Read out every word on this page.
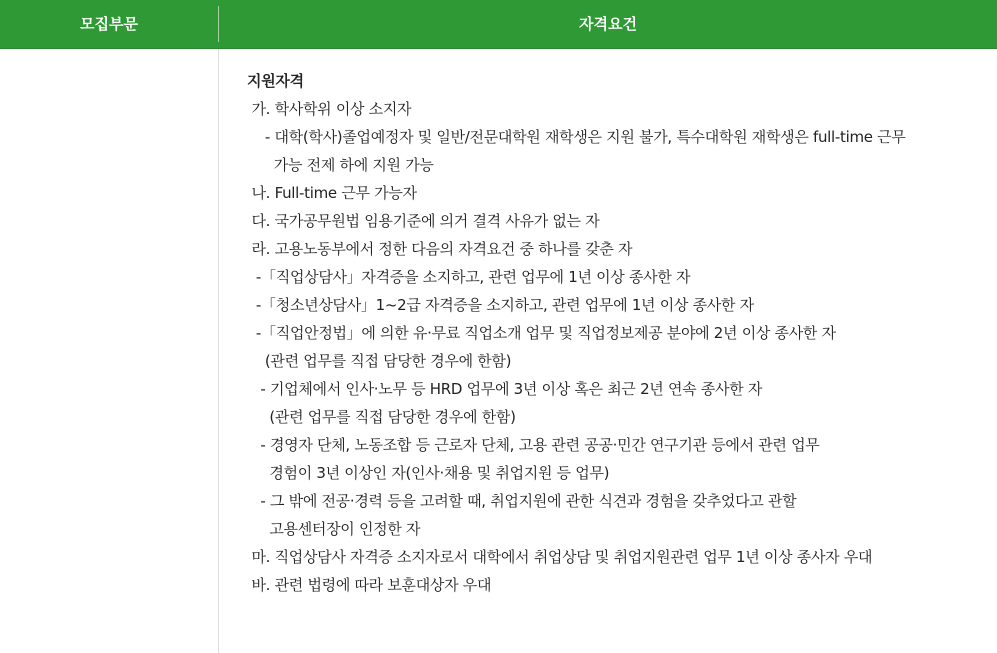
모집부문	자격요건
지원자격
가. 학사학위 이상 소지자
- 대학(학사)졸업예정자 및 일반/전문대학원 재학생은 지원 불가, 특수대학원 재학생은 full-time 근무
가능 전제 하에 지원 가능
나. Full-time 근무 가능자
다. 국가공무원법 임용기준에 의거 결격 사유가 없는 자
라. 고용노동부에서 정한 다음의 자격요건 중 하나를 갖춘 자
-「직업상담사」자격증을 소지하고, 관련 업무에 1년 이상 종사한 자
-「청소년상담사」1~2급 자격증을 소지하고, 관련 업무에 1년 이상 종사한 자
-「직업안정법」에 의한 유·무료 직업소개 업무 및 직업정보제공 분야에 2년 이상 종사한 자
(관련 업무를 직접 담당한 경우에 한함)
- 기업체에서 인사·노무 등 HRD 업무에 3년 이상 혹은 최근 2년 연속 종사한 자
(관련 업무를 직접 담당한 경우에 한함)
- 경영자 단체, 노동조합 등 근로자 단체, 고용 관련 공공·민간 연구기관 등에서 관련 업무
경험이 3년 이상인 자(인사·채용 및 취업지원 등 업무)
- 그 밖에 전공·경력 등을 고려할 때, 취업지원에 관한 식견과 경험을 갖추었다고 관할
고용센터장이 인정한 자
마. 직업상담사 자격증 소지자로서 대학에서 취업상담 및 취업지원관련 업무 1년 이상 종사자 우대
바. 관련 법령에 따라 보훈대상자 우대
